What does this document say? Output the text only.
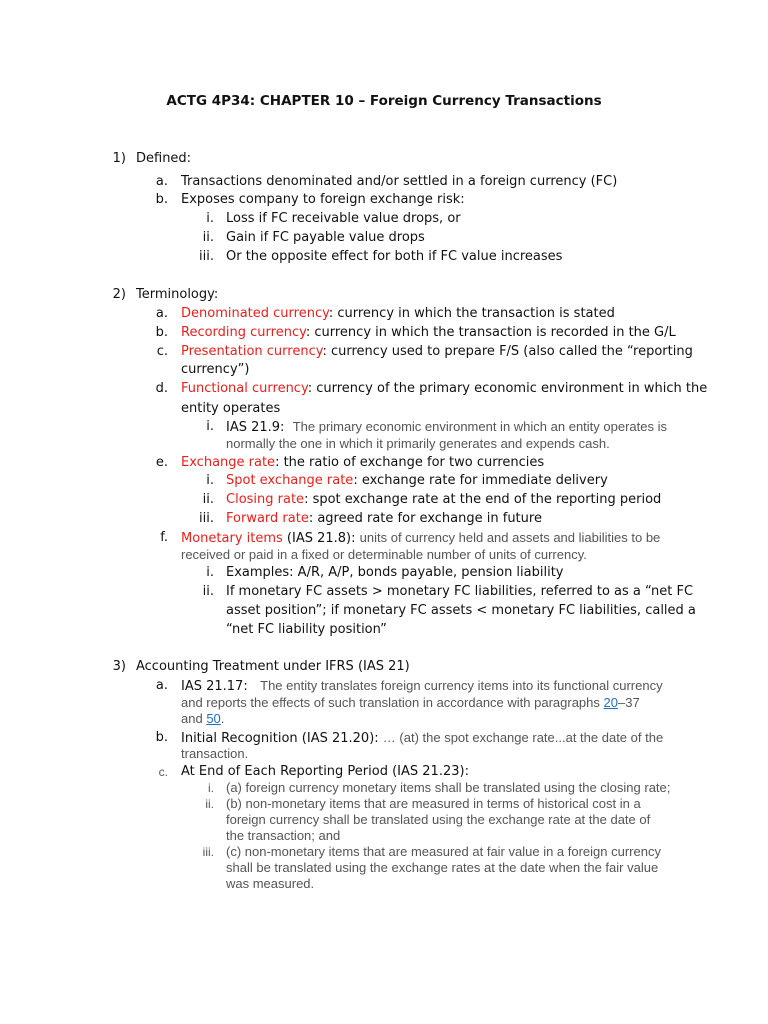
ACTG 4P34: CHAPTER 10 – Foreign Currency Transactions
1) Defined:
a. Transactions denominated and/or settled in a foreign currency (FC)
b. Exposes company to foreign exchange risk:
i. Loss if FC receivable value drops, or
ii. Gain if FC payable value drops
iii. Or the opposite effect for both if FC value increases
2) Terminology:
a. Denominated currency: currency in which the transaction is stated
b. Recording currency: currency in which the transaction is recorded in the G/L
c. Presentation currency: currency used to prepare F/S (also called the “reporting
currency”)
d. Functional currency: currency of the primary economic environment in which the
entity operates
i. IAS 21.9: The primary economic environment in which an entity operates is
normally the one in which it primarily generates and expends cash.
e. Exchange rate: the ratio of exchange for two currencies
i. Spot exchange rate: exchange rate for immediate delivery
ii. Closing rate: spot exchange rate at the end of the reporting period
iii. Forward rate: agreed rate for exchange in future
f. Monetary items (IAS 21.8): units of currency held and assets and liabilities to be
received or paid in a fixed or determinable number of units of currency.
i. Examples: A/R, A/P, bonds payable, pension liability
ii. If monetary FC assets > monetary FC liabilities, referred to as a “net FC
asset position”; if monetary FC assets < monetary FC liabilities, called a
“net FC liability position”
3) Accounting Treatment under IFRS (IAS 21)
a. IAS 21.17: The entity translates foreign currency items into its functional currency
and reports the effects of such translation in accordance with paragraphs 20–37
and 50.
b. Initial Recognition (IAS 21.20): … (at) the spot exchange rate...at the date of the
transaction.
c. At End of Each Reporting Period (IAS 21.23):
i. (a) foreign currency monetary items shall be translated using the closing rate;
ii. (b) non-monetary items that are measured in terms of historical cost in a
foreign currency shall be translated using the exchange rate at the date of
the transaction; and
iii. (c) non-monetary items that are measured at fair value in a foreign currency
shall be translated using the exchange rates at the date when the fair value
was measured.
